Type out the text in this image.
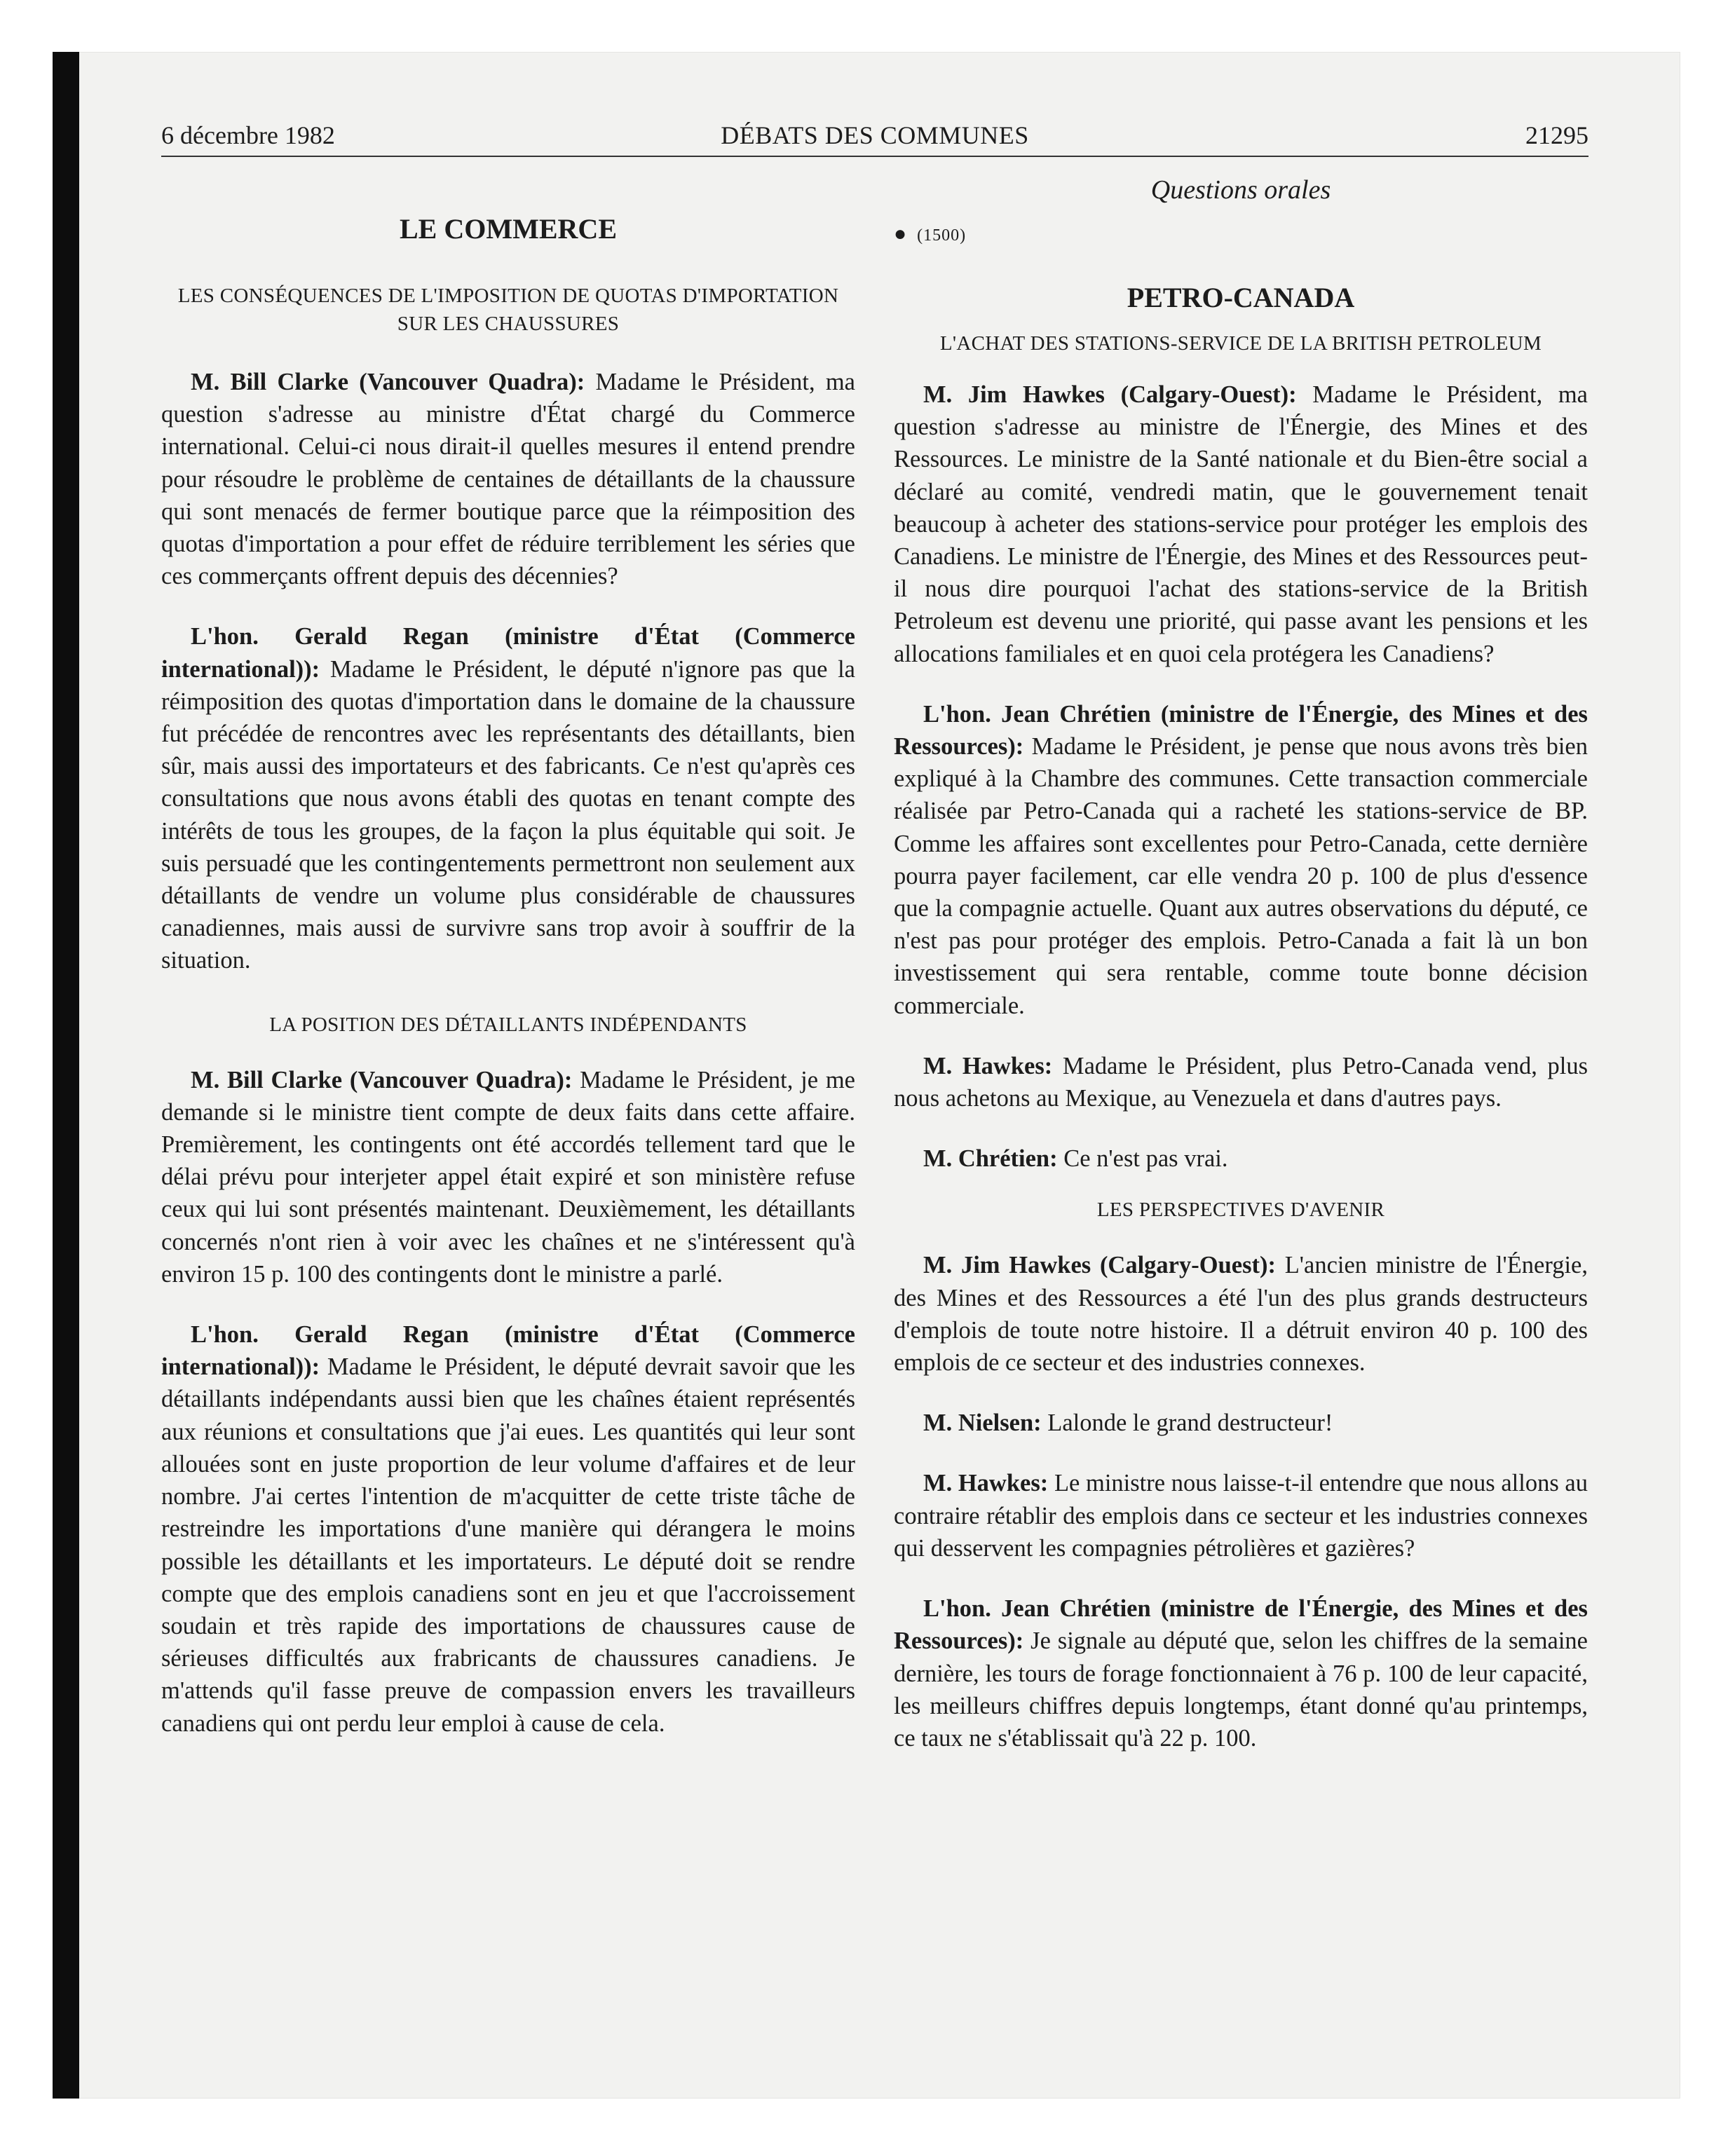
6 décembre 1982	DÉBATS DES COMMUNES	21295

LE COMMERCE

LES CONSÉQUENCES DE L'IMPOSITION DE QUOTAS D'IMPORTATION SUR LES CHAUSSURES

M. Bill Clarke (Vancouver Quadra): Madame le Président, ma question s'adresse au ministre d'État chargé du Commerce international. Celui-ci nous dirait-il quelles mesures il entend prendre pour résoudre le problème de centaines de détaillants de la chaussure qui sont menacés de fermer boutique parce que la réimposition des quotas d'importation a pour effet de réduire terriblement les séries que ces commerçants offrent depuis des décennies?

L'hon. Gerald Regan (ministre d'État (Commerce international)): Madame le Président, le député n'ignore pas que la réimposition des quotas d'importation dans le domaine de la chaussure fut précédée de rencontres avec les représentants des détaillants, bien sûr, mais aussi des importateurs et des fabricants. Ce n'est qu'après ces consultations que nous avons établi des quotas en tenant compte des intérêts de tous les groupes, de la façon la plus équitable qui soit. Je suis persuadé que les contingentements permettront non seulement aux détaillants de vendre un volume plus considérable de chaussures canadiennes, mais aussi de survivre sans trop avoir à souffrir de la situation.

LA POSITION DES DÉTAILLANTS INDÉPENDANTS

M. Bill Clarke (Vancouver Quadra): Madame le Président, je me demande si le ministre tient compte de deux faits dans cette affaire. Premièrement, les contingents ont été accordés tellement tard que le délai prévu pour interjeter appel était expiré et son ministère refuse ceux qui lui sont présentés maintenant. Deuxièmement, les détaillants concernés n'ont rien à voir avec les chaînes et ne s'intéressent qu'à environ 15 p. 100 des contingents dont le ministre a parlé.

L'hon. Gerald Regan (ministre d'État (Commerce international)): Madame le Président, le député devrait savoir que les détaillants indépendants aussi bien que les chaînes étaient représentés aux réunions et consultations que j'ai eues. Les quantités qui leur sont allouées sont en juste proportion de leur volume d'affaires et de leur nombre. J'ai certes l'intention de m'acquitter de cette triste tâche de restreindre les importations d'une manière qui dérangera le moins possible les détaillants et les importateurs. Le député doit se rendre compte que des emplois canadiens sont en jeu et que l'accroissement soudain et très rapide des importations de chaussures cause de sérieuses difficultés aux frabricants de chaussures canadiens. Je m'attends qu'il fasse preuve de compassion envers les travailleurs canadiens qui ont perdu leur emploi à cause de cela.

Questions orales

● (1500)

PETRO-CANADA

L'ACHAT DES STATIONS-SERVICE DE LA BRITISH PETROLEUM

M. Jim Hawkes (Calgary-Ouest): Madame le Président, ma question s'adresse au ministre de l'Énergie, des Mines et des Ressources. Le ministre de la Santé nationale et du Bien-être social a déclaré au comité, vendredi matin, que le gouvernement tenait beaucoup à acheter des stations-service pour protéger les emplois des Canadiens. Le ministre de l'Énergie, des Mines et des Ressources peut-il nous dire pourquoi l'achat des stations-service de la British Petroleum est devenu une priorité, qui passe avant les pensions et les allocations familiales et en quoi cela protégera les Canadiens?

L'hon. Jean Chrétien (ministre de l'Énergie, des Mines et des Ressources): Madame le Président, je pense que nous avons très bien expliqué à la Chambre des communes. Cette transaction commerciale réalisée par Petro-Canada qui a racheté les stations-service de BP. Comme les affaires sont excellentes pour Petro-Canada, cette dernière pourra payer facilement, car elle vendra 20 p. 100 de plus d'essence que la compagnie actuelle. Quant aux autres observations du député, ce n'est pas pour protéger des emplois. Petro-Canada a fait là un bon investissement qui sera rentable, comme toute bonne décision commerciale.

M. Hawkes: Madame le Président, plus Petro-Canada vend, plus nous achetons au Mexique, au Venezuela et dans d'autres pays.

M. Chrétien: Ce n'est pas vrai.

LES PERSPECTIVES D'AVENIR

M. Jim Hawkes (Calgary-Ouest): L'ancien ministre de l'Énergie, des Mines et des Ressources a été l'un des plus grands destructeurs d'emplois de toute notre histoire. Il a détruit environ 40 p. 100 des emplois de ce secteur et des industries connexes.

M. Nielsen: Lalonde le grand destructeur!

M. Hawkes: Le ministre nous laisse-t-il entendre que nous allons au contraire rétablir des emplois dans ce secteur et les industries connexes qui desservent les compagnies pétrolières et gazières?

L'hon. Jean Chrétien (ministre de l'Énergie, des Mines et des Ressources): Je signale au député que, selon les chiffres de la semaine dernière, les tours de forage fonctionnaient à 76 p. 100 de leur capacité, les meilleurs chiffres depuis longtemps, étant donné qu'au printemps, ce taux ne s'établissait qu'à 22 p. 100.
